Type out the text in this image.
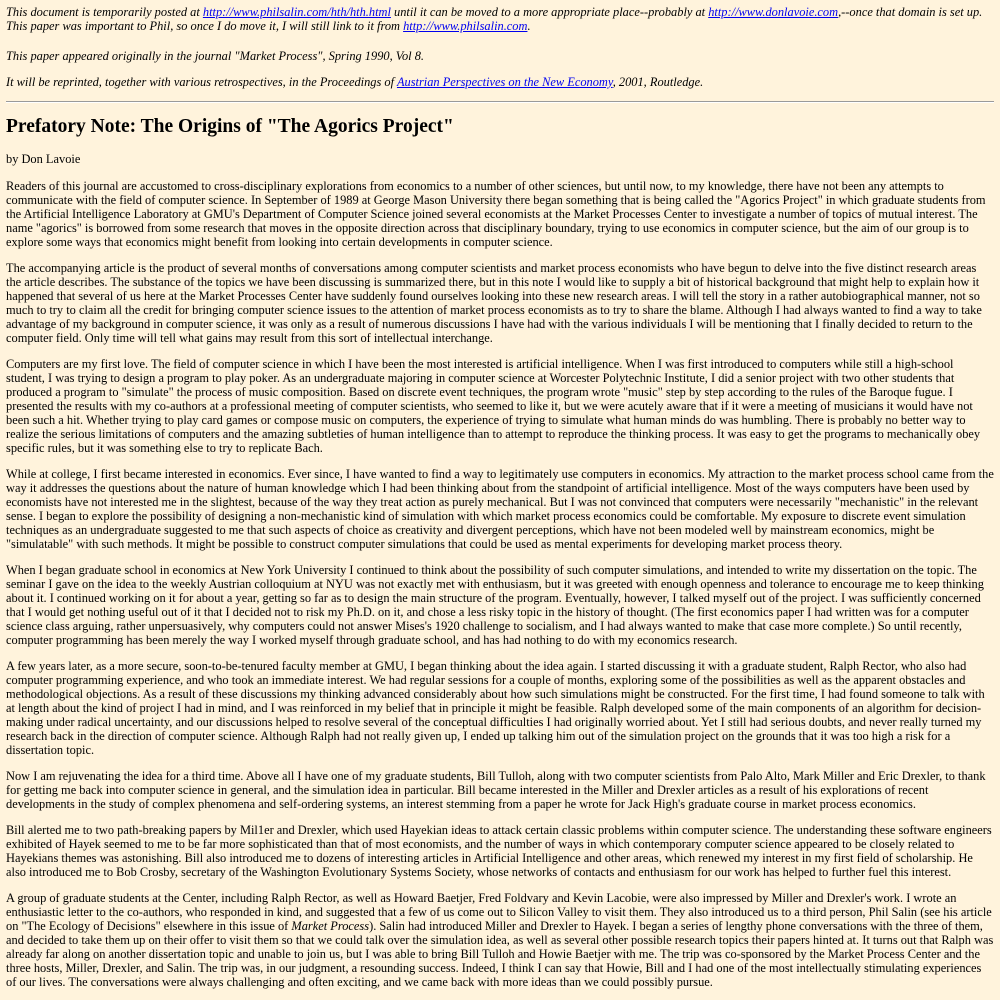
This document is temporarily posted at http://www.philsalin.com/hth/hth.html until it can be moved to a more appropriate place--probably at http://www.donlavoie.com,--once that domain is set up.
This paper was important to Phil, so once I do move it, I will still link to it from http://www.philsalin.com.

This paper appeared originally in the journal "Market Process", Spring 1990, Vol 8.

It will be reprinted, together with various retrospectives, in the Proceedings of Austrian Perspectives on the New Economy, 2001, Routledge.

Prefatory Note: The Origins of "The Agorics Project"

by Don Lavoie

Readers of this journal are accustomed to cross-disciplinary explorations from economics to a number of other sciences, but until now, to my knowledge, there have not been any attempts to communicate with the field of computer science. In September of 1989 at George Mason University there began something that is being called the "Agorics Project" in which graduate students from the Artificial Intelligence Laboratory at GMU's Department of Computer Science joined several economists at the Market Processes Center to investigate a number of topics of mutual interest. The name "agorics" is borrowed from some research that moves in the opposite direction across that disciplinary boundary, trying to use economics in computer science, but the aim of our group is to explore some ways that economics might benefit from looking into certain developments in computer science.

The accompanying article is the product of several months of conversations among computer scientists and market process economists who have begun to delve into the five distinct research areas the article describes. The substance of the topics we have been discussing is summarized there, but in this note I would like to supply a bit of historical background that might help to explain how it happened that several of us here at the Market Processes Center have suddenly found ourselves looking into these new research areas. I will tell the story in a rather autobiographical manner, not so much to try to claim all the credit for bringing computer science issues to the attention of market process economists as to try to share the blame. Although I had always wanted to find a way to take advantage of my background in computer science, it was only as a result of numerous discussions I have had with the various individuals I will be mentioning that I finally decided to return to the computer field. Only time will tell what gains may result from this sort of intellectual interchange.

Computers are my first love. The field of computer science in which I have been the most interested is artificial intelligence. When I was first introduced to computers while still a high-school student, I was trying to design a program to play poker. As an undergraduate majoring in computer science at Worcester Polytechnic Institute, I did a senior project with two other students that produced a program to "simulate" the process of music composition. Based on discrete event techniques, the program wrote "music" step by step according to the rules of the Baroque fugue. I presented the results with my co-authors at a professional meeting of computer scientists, who seemed to like it, but we were acutely aware that if it were a meeting of musicians it would have not been such a hit. Whether trying to play card games or compose music on computers, the experience of trying to simulate what human minds do was humbling. There is probably no better way to realize the serious limitations of computers and the amazing subtleties of human intelligence than to attempt to reproduce the thinking process. It was easy to get the programs to mechanically obey specific rules, but it was something else to try to replicate Bach.

While at college, I first became interested in economics. Ever since, I have wanted to find a way to legitimately use computers in economics. My attraction to the market process school came from the way it addresses the questions about the nature of human knowledge which I had been thinking about from the standpoint of artificial intelligence. Most of the ways computers have been used by economists have not interested me in the slightest, because of the way they treat action as purely mechanical. But I was not convinced that computers were necessarily "mechanistic" in the relevant sense. I began to explore the possibility of designing a non-mechanistic kind of simulation with which market process economics could be comfortable. My exposure to discrete event simulation techniques as an undergraduate suggested to me that such aspects of choice as creativity and divergent perceptions, which have not been modeled well by mainstream economics, might be "simulatable" with such methods. It might be possible to construct computer simulations that could be used as mental experiments for developing market process theory.

When I began graduate school in economics at New York University I continued to think about the possibility of such computer simulations, and intended to write my dissertation on the topic. The seminar I gave on the idea to the weekly Austrian colloquium at NYU was not exactly met with enthusiasm, but it was greeted with enough openness and tolerance to encourage me to keep thinking about it. I continued working on it for about a year, getting so far as to design the main structure of the program. Eventually, however, I talked myself out of the project. I was sufficiently concerned that I would get nothing useful out of it that I decided not to risk my Ph.D. on it, and chose a less risky topic in the history of thought. (The first economics paper I had written was for a computer science class arguing, rather unpersuasively, why computers could not answer Mises's 1920 challenge to socialism, and I had always wanted to make that case more complete.) So until recently, computer programming has been merely the way I worked myself through graduate school, and has had nothing to do with my economics research.

A few years later, as a more secure, soon-to-be-tenured faculty member at GMU, I began thinking about the idea again. I started discussing it with a graduate student, Ralph Rector, who also had computer programming experience, and who took an immediate interest. We had regular sessions for a couple of months, exploring some of the possibilities as well as the apparent obstacles and methodological objections. As a result of these discussions my thinking advanced considerably about how such simulations might be constructed. For the first time, I had found someone to talk with at length about the kind of project I had in mind, and I was reinforced in my belief that in principle it might be feasible. Ralph developed some of the main components of an algorithm for decision-making under radical uncertainty, and our discussions helped to resolve several of the conceptual difficulties I had originally worried about. Yet I still had serious doubts, and never really turned my research back in the direction of computer science. Although Ralph had not really given up, I ended up talking him out of the simulation project on the grounds that it was too high a risk for a dissertation topic.

Now I am rejuvenating the idea for a third time. Above all I have one of my graduate students, Bill Tulloh, along with two computer scientists from Palo Alto, Mark Miller and Eric Drexler, to thank for getting me back into computer science in general, and the simulation idea in particular. Bill became interested in the Miller and Drexler articles as a result of his explorations of recent developments in the study of complex phenomena and self-ordering systems, an interest stemming from a paper he wrote for Jack High's graduate course in market process economics.

Bill alerted me to two path-breaking papers by Mil1er and Drexler, which used Hayekian ideas to attack certain classic problems within computer science. The understanding these software engineers exhibited of Hayek seemed to me to be far more sophisticated than that of most economists, and the number of ways in which contemporary computer science appeared to be closely related to Hayekians themes was astonishing. Bill also introduced me to dozens of interesting articles in Artificial Intelligence and other areas, which renewed my interest in my first field of scholarship. He also introduced me to Bob Crosby, secretary of the Washington Evolutionary Systems Society, whose networks of contacts and enthusiasm for our work has helped to further fuel this interest.

A group of graduate students at the Center, including Ralph Rector, as well as Howard Baetjer, Fred Foldvary and Kevin Lacobie, were also impressed by Miller and Drexler's work. I wrote an enthusiastic letter to the co-authors, who responded in kind, and suggested that a few of us come out to Silicon Valley to visit them. They also introduced us to a third person, Phil Salin (see his article on "The Ecology of Decisions" elsewhere in this issue of Market Process). Salin had introduced Miller and Drexler to Hayek. I began a series of lengthy phone conversations with the three of them, and decided to take them up on their offer to visit them so that we could talk over the simulation idea, as well as several other possible research topics their papers hinted at. It turns out that Ralph was already far along on another dissertation topic and unable to join us, but I was able to bring Bill Tulloh and Howie Baetjer with me. The trip was co-sponsored by the Market Process Center and the three hosts, Miller, Drexler, and Salin. The trip was, in our judgment, a resounding success. Indeed, I think I can say that Howie, Bill and I had one of the most intellectually stimulating experiences of our lives. The conversations were always challenging and often exciting, and we came back with more ideas than we could possibly pursue.
